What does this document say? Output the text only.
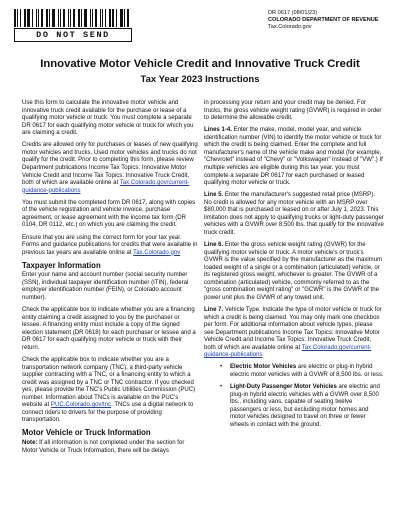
DO NOT SEND
DR 0617 (08/01/23)
COLORADO DEPARTMENT OF REVENUE
Tax.Colorado.gov
Innovative Motor Vehicle Credit and Innovative Truck Credit
Tax Year 2023 Instructions

Use this form to calculate the innovative motor vehicle and innovative truck credit available for the purchase or lease of a qualifying motor vehicle or truck. You must complete a separate DR 0617 for each qualifying motor vehicle or truck for which you are claiming a credit.

Credits are allowed only for purchases or leases of new qualifying motor vehicles and trucks. Used motor vehicles and trucks do not qualify for the credit. Prior to completing this form, please review Department publications Income Tax Topics: Innovative Motor Vehicle Credit and Income Tax Topics: Innovative Truck Credit, both of which are available online at Tax.Colorado.gov/current-guidance-publications

You must submit the completed form DR 0617, along with copies of the vehicle registration and vehicle invoice, purchase agreement, or lease agreement with the income tax form (DR 0104, DR 0112, etc.) on which you are claiming the credit.

Ensure that you are using the correct form for your tax year. Forms and guidance publications for credits that were available in previous tax years are available online at Tax.Colorado.gov

Taxpayer Information

Enter your name and account number (social security number (SSN), individual taxpayer identification number (ITIN), federal employer identification number (FEIN), or Colorado account number).

Check the applicable box to indicate whether you are a financing entity claiming a credit assigned to you by the purchaser or lessee. A financing entity must include a copy of the signed election statement (DR 0618) for each purchaser or lessee and a DR 0617 for each qualifying motor vehicle or truck with their return.

Check the applicable box to indicate whether you are a transportation network company (TNC), a third-party vehicle supplier contracting with a TNC, or a financing entity to which a credit was assigned by a TNC or TNC contractor. If you checked yes, please provide the TNC's Public Utilities Commission (PUC) number. Information about TNCs is available on the PUC's website at PUC.Colorado.gov/tnc. TNCs use a digital network to connect riders to drivers for the purpose of providing transportation.

Motor Vehicle or Truck Information

Note: If all information is not completed under the section for Motor Vehicle or Truck Information, there will be delays

in processing your return and your credit may be denied. For trucks, the gross vehicle weight rating (GVWR) is required in order to determine the allowable credit.

Lines 1-4. Enter the make, model, model year, and vehicle identification number (VIN) to identify the motor vehicle or truck for which the credit is being claimed. Enter the complete and full manufacturer's name of the vehicle make and model (for example, "Chevrolet" instead of "Chevy" or "Volkswagen" instead of "VW".) If multiple vehicles are eligible during this tax year, you must complete a separate DR 0617 for each purchased or leased qualifying motor vehicle or truck.

Line 5. Enter the manufacturer's suggested retail price (MSRP). No credit is allowed for any motor vehicle with an MSRP over $80,000 that is purchased or leased on or after July 1, 2023. This limitation does not apply to qualifying trucks or light-duty passenger vehicles with a GVWR over 8,500 lbs. that qualify for the innovative truck credit.

Line 6. Enter the gross vehicle weight rating (GVWR) for the qualifying motor vehicle or truck. A motor vehicle's or truck's GVWR is the value specified by the manufacturer as the maximum loaded weight of a single or a combination (articulated) vehicle, or its registered gross weight, whichever is greater. The GVWR of a combination (articulated) vehicle, commonly referred to as the "gross combination weight rating" or "GCWR" is the GVWR of the power unit plus the GVWR of any towed unit.

Line 7. Vehicle Type. Indicate the type of motor vehicle or truck for which a credit is being claimed. You may only mark one checkbox per form. For additional information about vehicle types, please see Department publications Income Tax Topics: Innovative Motor Vehicle Credit and Income Tax Topics: Innovative Truck Credit, both of which are available online at Tax.Colorado.gov/current-guidance-publications

• Electric Motor Vehicles are electric or plug-in hybrid electric motor vehicles with a GVWR of 8,500 lbs. or less.

• Light-Duty Passenger Motor Vehicles are electric and plug-in hybrid electric vehicles with a GVWR over 8,500 lbs., including vans, capable of seating twelve passengers or less, but excluding motor homes and motor vehicles designed to travel on three or fewer wheels in contact with the ground.
